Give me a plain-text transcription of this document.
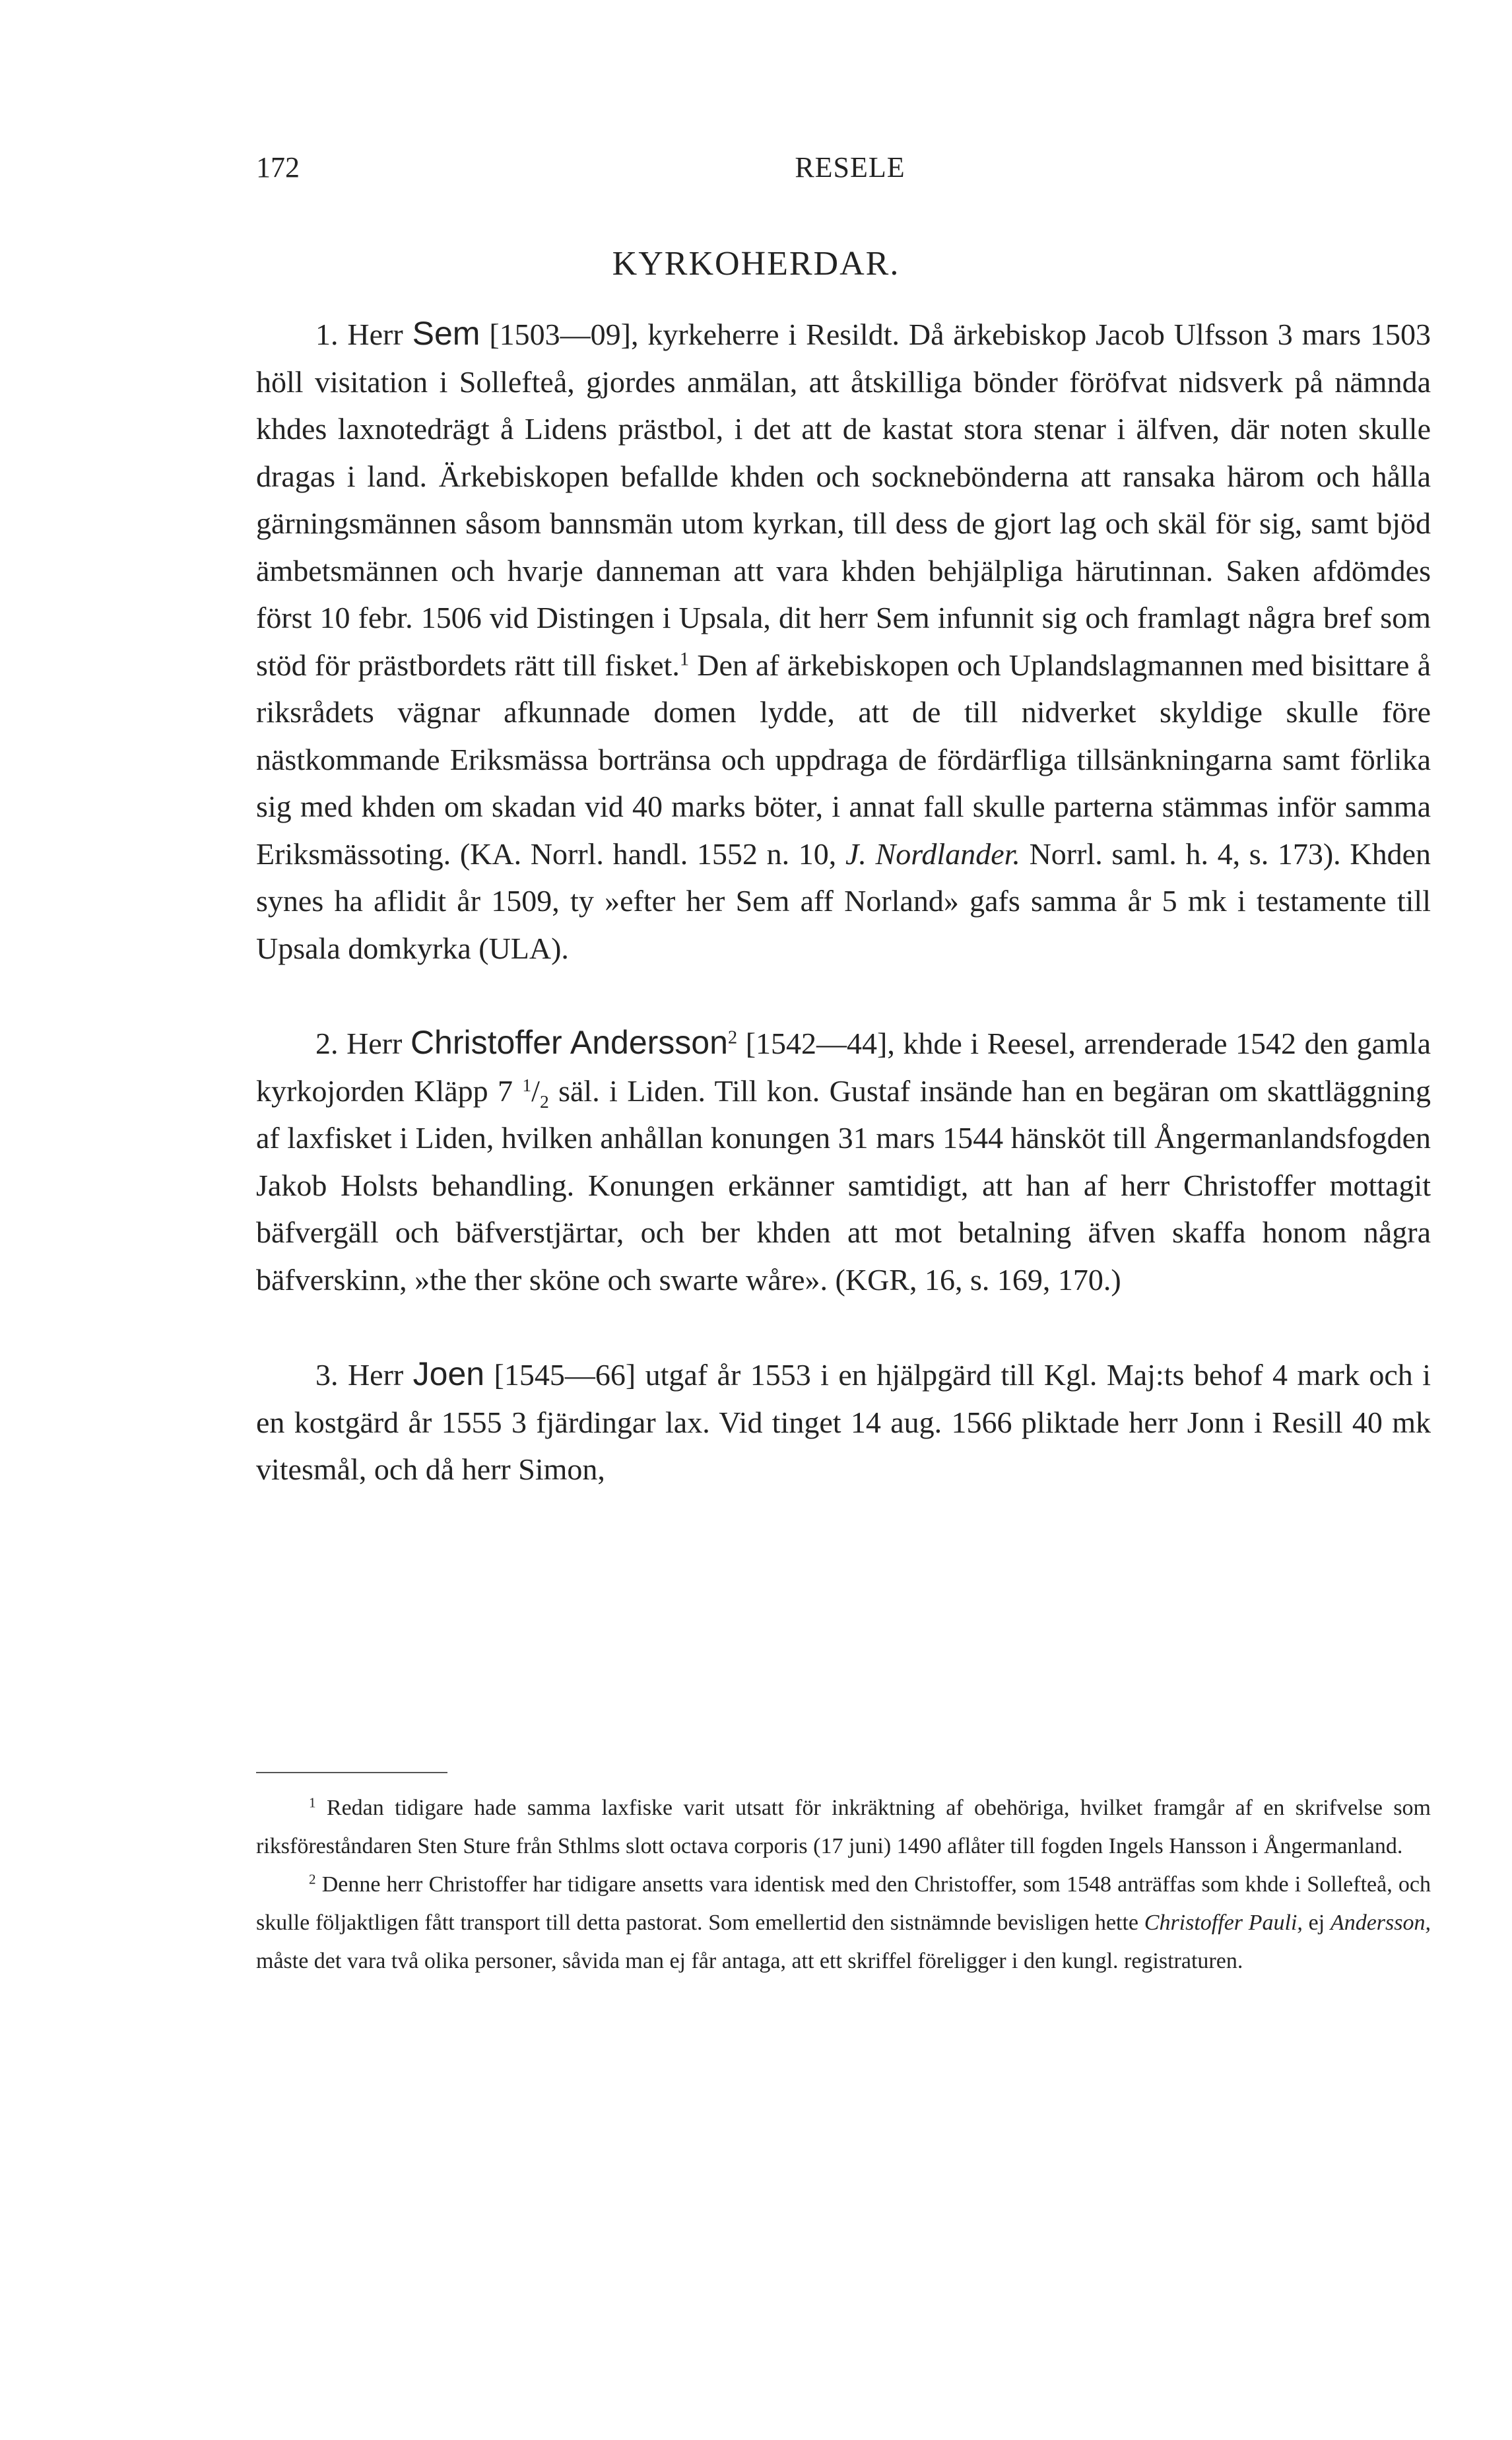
172	RESELE
KYRKOHERDAR.

1. Herr Sem [1503—09], kyrkeherre i Resildt. Då ärkebiskop Jacob Ulfsson 3 mars 1503 höll visitation i Sollefteå, gjordes anmälan, att åtskilliga bönder föröfvat nidsverk på nämnda khdes laxnotedrägt å Lidens prästbol, i det att de kastat stora stenar i älfven, där noten skulle dragas i land. Ärkebiskopen befallde khden och sockneböndernа att ransaka härom och hålla gärningsmännen såsom bannsmän utom kyrkan, till dess de gjort lag och skäl för sig, samt bjöd ämbetsmännen och hvarje danneman att vara khden behjälpliga härutinnan. Saken afdömdes först 10 febr. 1506 vid Distingen i Upsala, dit herr Sem infunnit sig och framlagt några bref som stöd för prästbordets rätt till fisket.$^1$ Den af ärkebiskopen och Uplandslagmannen med bisittare å riksrådets vägnar afkunnade domen lydde, att de till nidverket skyldige skulle före nästkommande Eriksmässa borträns​a och uppdraga de fördärfliga tillsänkningarna samt förlika sig med khden om skadan vid 40 marks böter, i annat fall skulle parterna stämmas inför samma Eriksmässoting. (KA. Norrl. handl. 1552 n. 10, J. Nordlander. Norrl. saml. h. 4, s. 173). Khden synes ha aflidit år 1509, ty »efter her Sem aff Norland» gafs samma år 5 mk i testamente till Upsala domkyrka (ULA).

2. Herr Christoffer Andersson$^2$ [1542—44], khde i Reesel, arrenderade 1542 den gamla kyrkojorden Kläpp 7 $^1/_2$ säl. i Liden. Till kon. Gustaf insände han en begäran om skattläggning af laxfisket i Liden, hvilken anhållan konungen 31 mars 1544 hänsköt till Ångermanlandsfogden Jakob Holsts behandling. Konungen erkänner samtidigt, att han af herr Christoffer mottagit bäfvergäll och bäfverstjärtar, och ber khden att mot betalning äfven skaffa honom några bäfverskinn, »the ther sköne och swarte wåre». (KGR, 16, s. 169, 170.)

3. Herr Joen [1545—66] utgaf år 1553 i en hjälpgärd till Kgl. Maj:ts behof 4 mark och i en kostgärd år 1555 3 fjärdingar lax. Vid tinget 14 aug. 1566 pliktade herr Jonn i Resill 40 mk vitesmål, och då herr Simon,

$^1$ Redan tidigare hade samma laxfiske varit utsatt för inkräktning af obehöriga, hvilket framgår af en skrifvelse som riksföreståndaren Sten Sture från Sthlms slott octava corporis (17 juni) 1490 aflåter till fogden Ingels Hansson i Ångermanland.

$^2$ Denne herr Christoffer har tidigare ansetts vara identisk med den Christoffer, som 1548 anträffas som khde i Sollefteå, och skulle följaktligen fått transport till detta pastorat. Som emellertid den sistnämnde bevisligen hette Christoffer Pauli, ej Andersson, måste det vara två olika personer, såvida man ej får antaga, att ett skriffel föreligger i den kungl. registraturen.
